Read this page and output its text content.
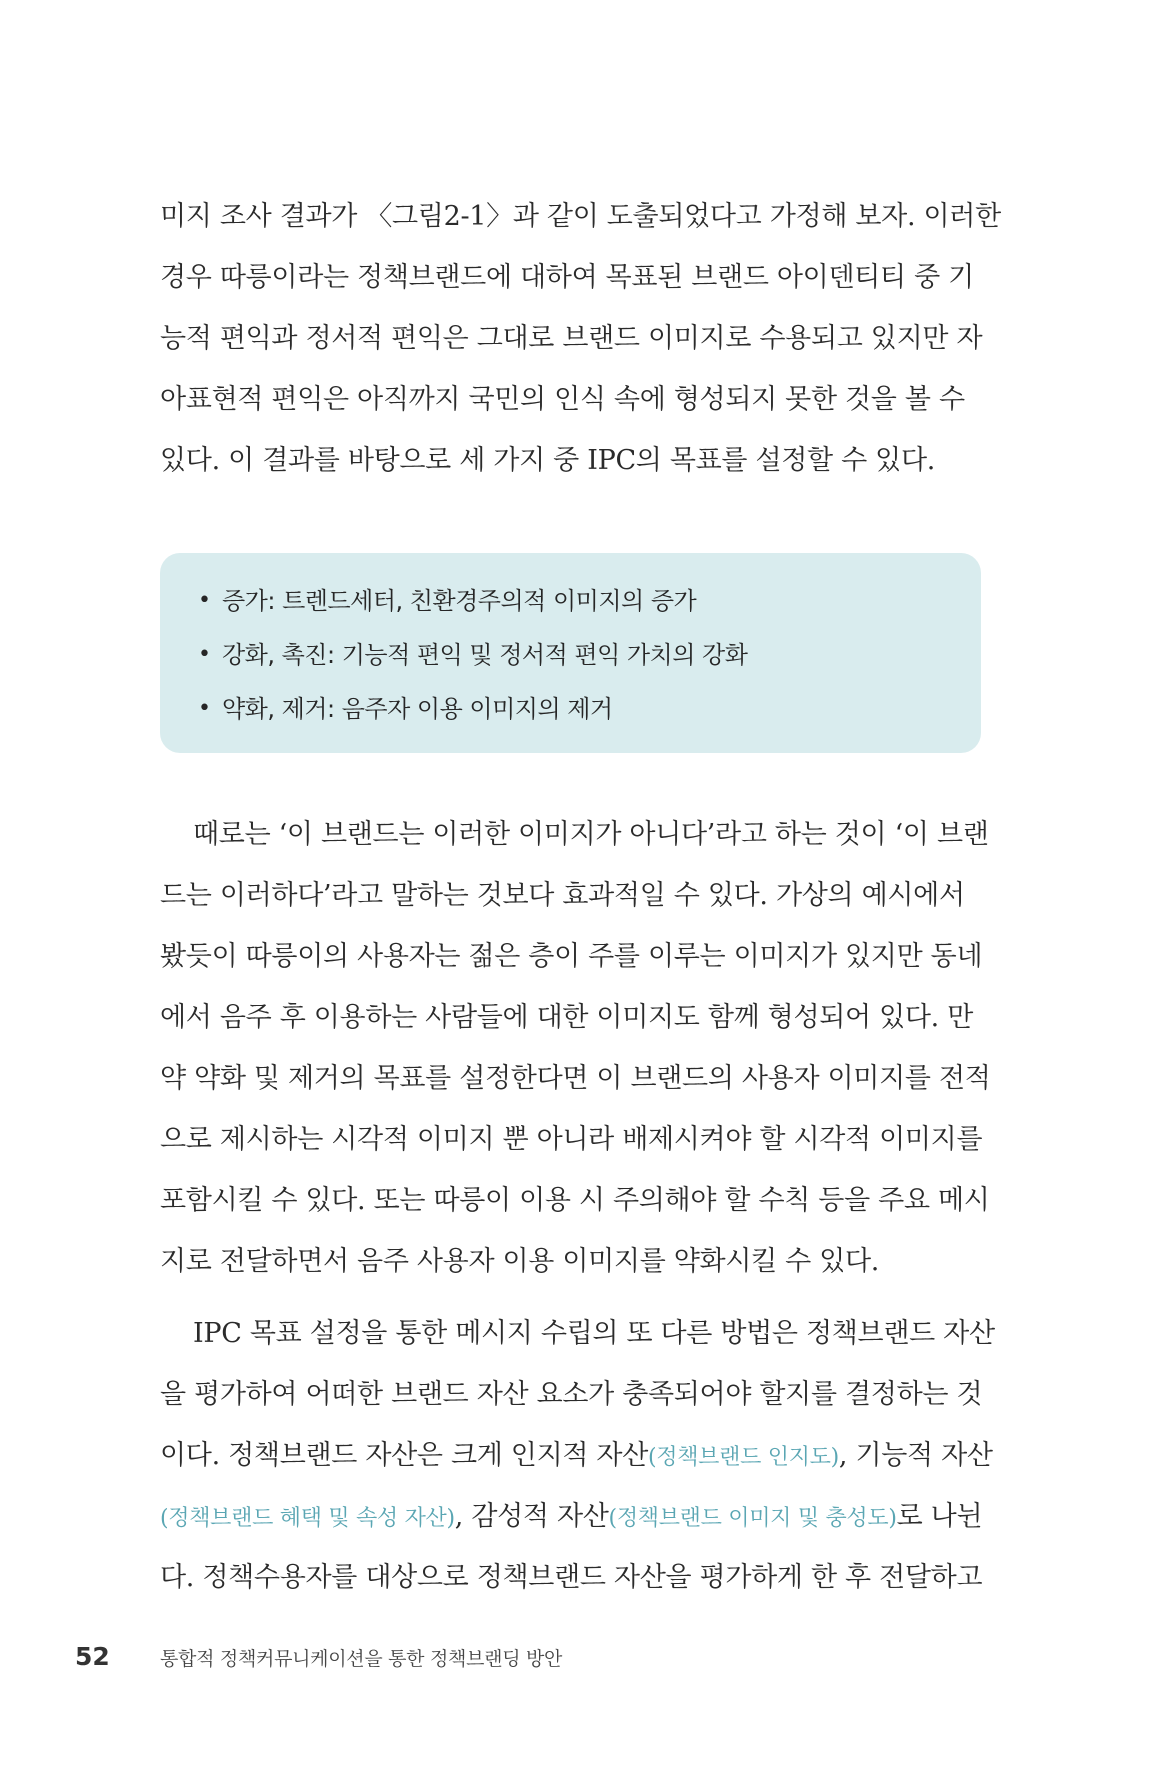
미지 조사 결과가 〈그림2-1〉과 같이 도출되었다고 가정해 보자. 이러한
경우 따릉이라는 정책브랜드에 대하여 목표된 브랜드 아이덴티티 중 기
능적 편익과 정서적 편익은 그대로 브랜드 이미지로 수용되고 있지만 자
아표현적 편익은 아직까지 국민의 인식 속에 형성되지 못한 것을 볼 수
있다. 이 결과를 바탕으로 세 가지 중 IPC의 목표를 설정할 수 있다.
• 증가: 트렌드세터, 친환경주의적 이미지의 증가
• 강화, 촉진: 기능적 편익 및 정서적 편익 가치의 강화
• 약화, 제거: 음주자 이용 이미지의 제거
때로는 ‘이 브랜드는 이러한 이미지가 아니다’라고 하는 것이 ‘이 브랜
드는 이러하다’라고 말하는 것보다 효과적일 수 있다. 가상의 예시에서
봤듯이 따릉이의 사용자는 젊은 층이 주를 이루는 이미지가 있지만 동네
에서 음주 후 이용하는 사람들에 대한 이미지도 함께 형성되어 있다. 만
약 약화 및 제거의 목표를 설정한다면 이 브랜드의 사용자 이미지를 전적
으로 제시하는 시각적 이미지 뿐 아니라 배제시켜야 할 시각적 이미지를
포함시킬 수 있다. 또는 따릉이 이용 시 주의해야 할 수칙 등을 주요 메시
지로 전달하면서 음주 사용자 이용 이미지를 약화시킬 수 있다.
IPC 목표 설정을 통한 메시지 수립의 또 다른 방법은 정책브랜드 자산
을 평가하여 어떠한 브랜드 자산 요소가 충족되어야 할지를 결정하는 것
이다. 정책브랜드 자산은 크게 인지적 자산(정책브랜드 인지도), 기능적 자산
(정책브랜드 혜택 및 속성 자산), 감성적 자산(정책브랜드 이미지 및 충성도)로 나뉜
다. 정책수용자를 대상으로 정책브랜드 자산을 평가하게 한 후 전달하고
52	통합적 정책커뮤니케이션을 통한 정책브랜딩 방안
